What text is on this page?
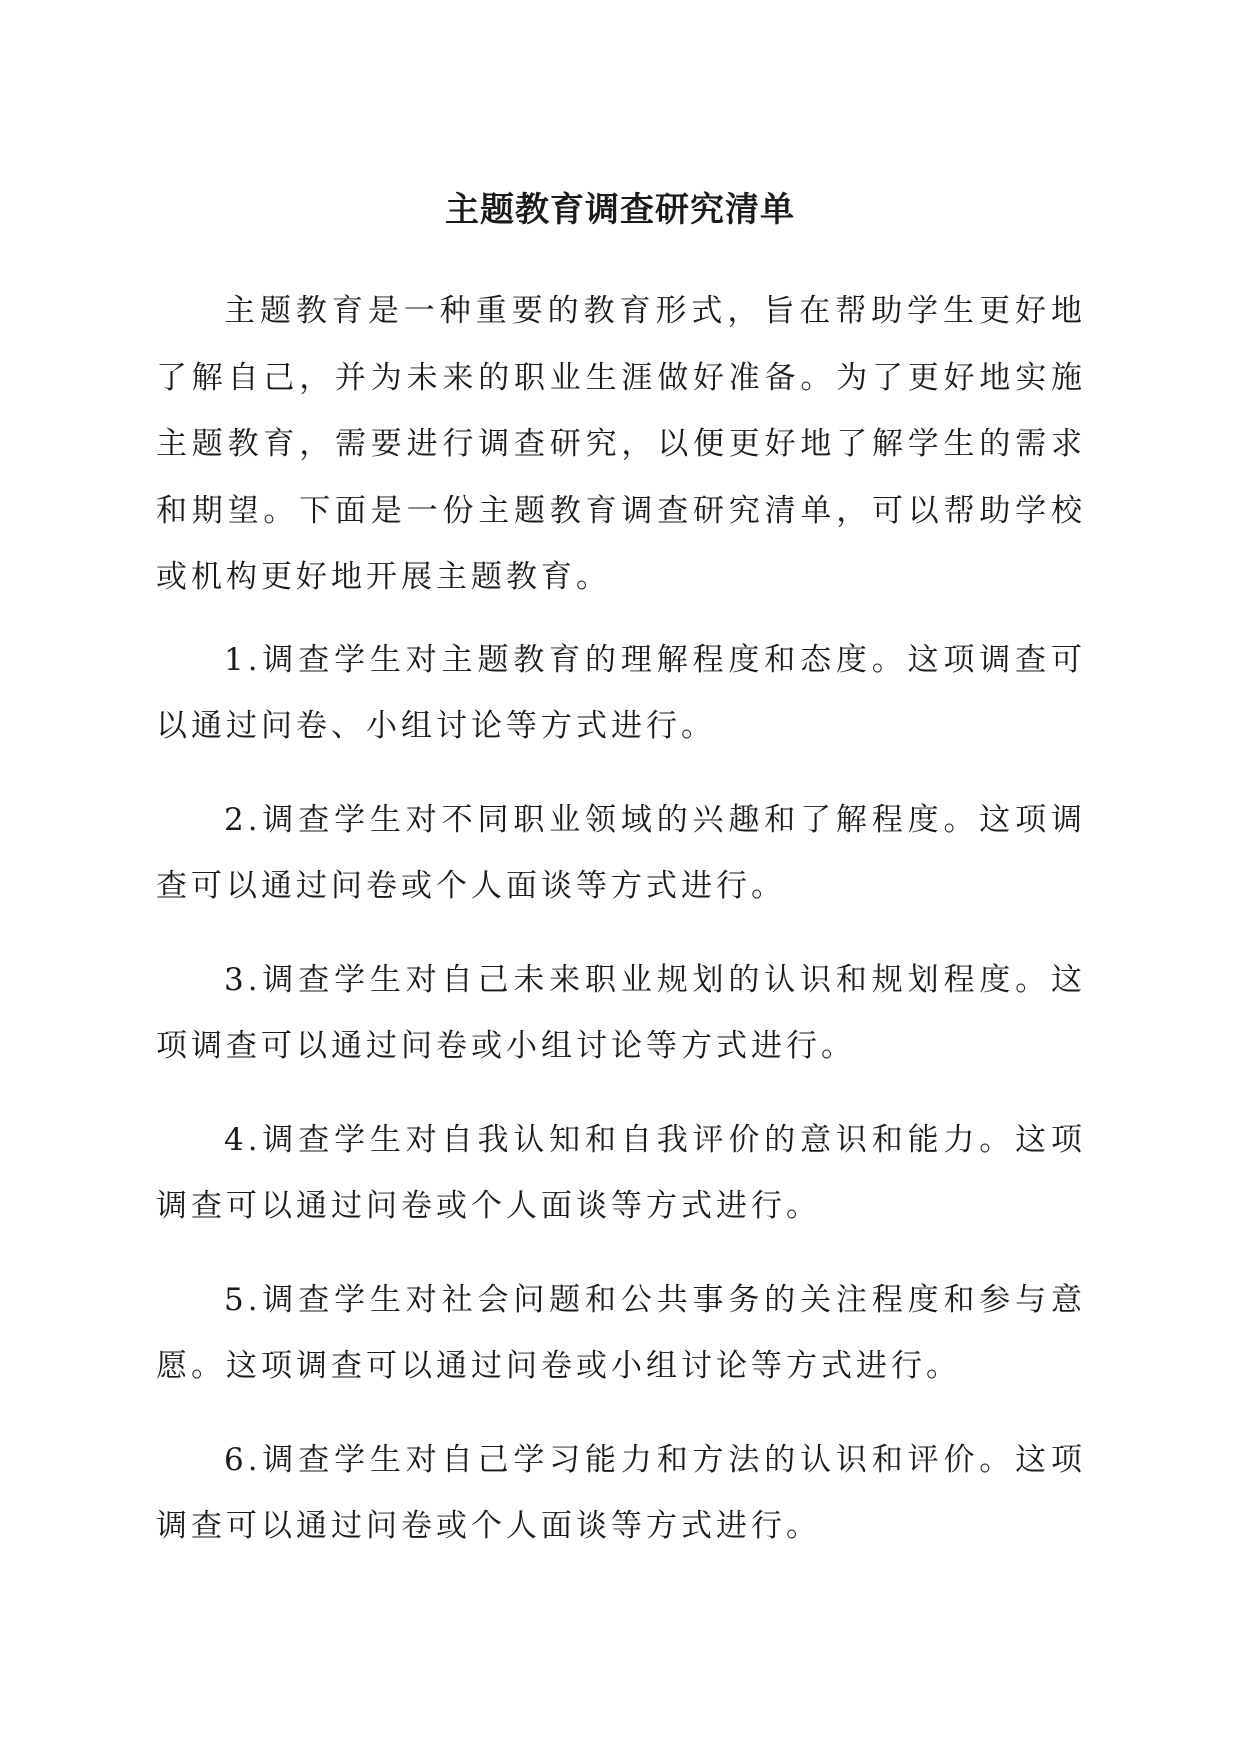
主题教育调查研究清单

主题教育是一种重要的教育形式，旨在帮助学生更好地了解自己，并为未来的职业生涯做好准备。为了更好地实施主题教育，需要进行调查研究，以便更好地了解学生的需求和期望。下面是一份主题教育调查研究清单，可以帮助学校或机构更好地开展主题教育。

1.调查学生对主题教育的理解程度和态度。这项调查可以通过问卷、小组讨论等方式进行。

2.调查学生对不同职业领域的兴趣和了解程度。这项调查可以通过问卷或个人面谈等方式进行。

3.调查学生对自己未来职业规划的认识和规划程度。这项调查可以通过问卷或小组讨论等方式进行。

4.调查学生对自我认知和自我评价的意识和能力。这项调查可以通过问卷或个人面谈等方式进行。

5.调查学生对社会问题和公共事务的关注程度和参与意愿。这项调查可以通过问卷或小组讨论等方式进行。

6.调查学生对自己学习能力和方法的认识和评价。这项调查可以通过问卷或个人面谈等方式进行。
